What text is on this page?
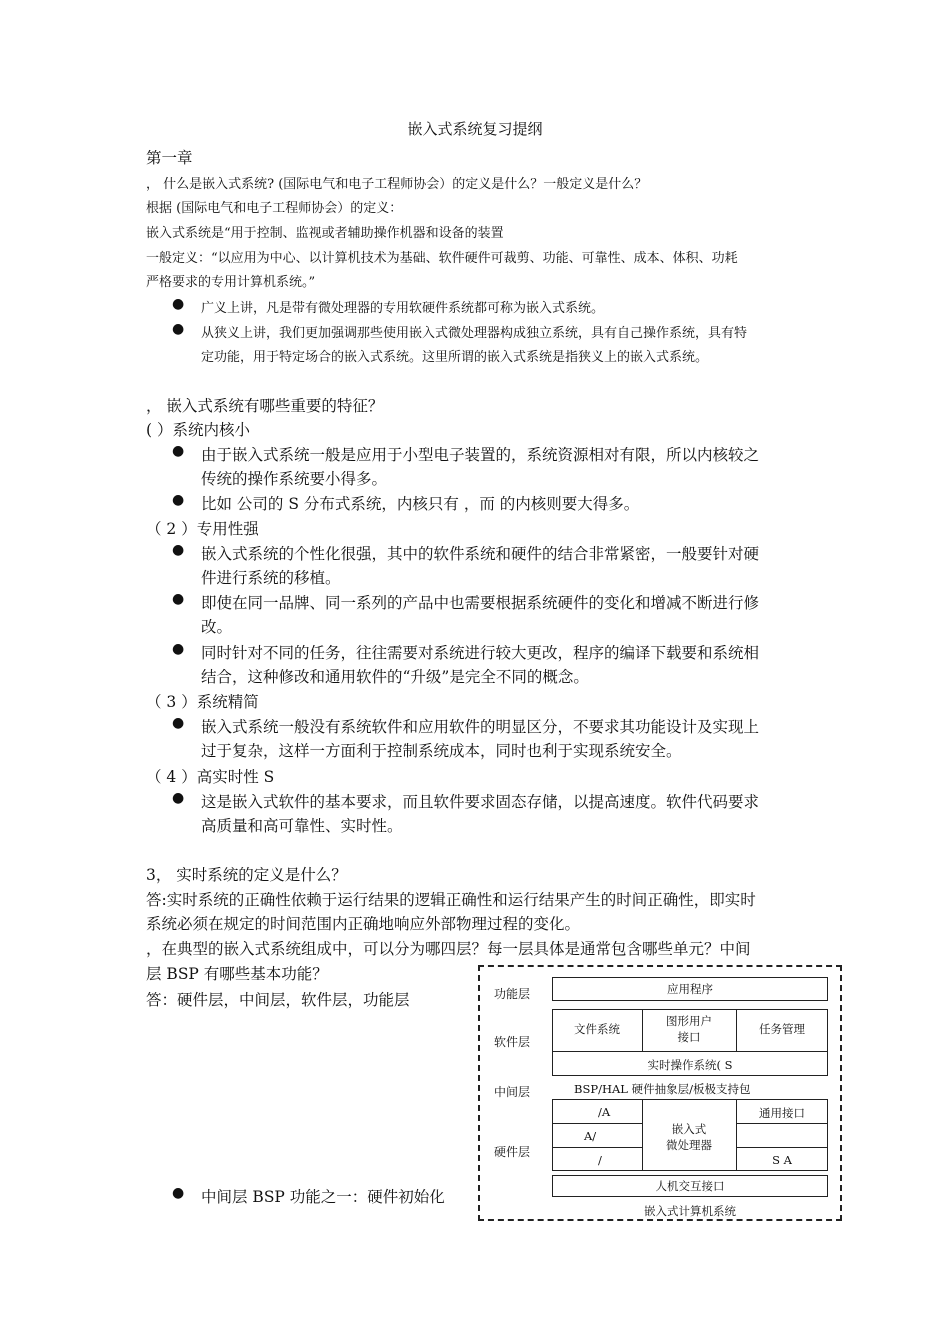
嵌入式系统复习提纲
第一章
， 什么是嵌入式系统? (国际电气和电子工程师协会）的定义是什么？一般定义是什么？
根据 (国际电气和电子工程师协会）的定义：
嵌入式系统是“用于控制、监视或者辅助操作机器和设备的装置
一般定义：“以应用为中心、以计算机技术为基础、软件硬件可裁剪、功能、可靠性、成本、体积、功耗
严格要求的专用计算机系统。”
● 广义上讲，凡是带有微处理器的专用软硬件系统都可称为嵌入式系统。
● 从狭义上讲，我们更加强调那些使用嵌入式微处理器构成独立系统，具有自己操作系统，具有特
定功能，用于特定场合的嵌入式系统。这里所谓的嵌入式系统是指狭义上的嵌入式系统。
， 嵌入式系统有哪些重要的特征？
( ）系统内核小
● 由于嵌入式系统一般是应用于小型电子装置的，系统资源相对有限，所以内核较之
传统的操作系统要小得多。
● 比如 公司的 S 分布式系统，内核只有 ，而 的内核则要大得多。
（ 2 ）专用性强
● 嵌入式系统的个性化很强，其中的软件系统和硬件的结合非常紧密，一般要针对硬
件进行系统的移植。
● 即使在同一品牌、同一系列的产品中也需要根据系统硬件的变化和增减不断进行修
改。
● 同时针对不同的任务，往往需要对系统进行较大更改，程序的编译下载要和系统相
结合，这种修改和通用软件的“升级”是完全不同的概念。
（ 3 ）系统精简
● 嵌入式系统一般没有系统软件和应用软件的明显区分，不要求其功能设计及实现上
过于复杂，这样一方面利于控制系统成本，同时也利于实现系统安全。
（ 4 ）高实时性 S
● 这是嵌入式软件的基本要求，而且软件要求固态存储，以提高速度。软件代码要求
高质量和高可靠性、实时性。
3， 实时系统的定义是什么？
答:实时系统的正确性依赖于运行结果的逻辑正确性和运行结果产生的时间正确性，即实时
系统必须在规定的时间范围内正确地响应外部物理过程的变化。
，在典型的嵌入式系统组成中，可以分为哪四层？每一层具体是通常包含哪些单元？中间
层 BSP 有哪些基本功能？
答：硬件层，中间层，软件层，功能层
● 中间层 BSP 功能之一：硬件初始化
功能层
软件层
中间层
硬件层
应用程序
文件系统
图形用户
接口
任务管理
实时操作系统( S
BSP/HAL 硬件抽象层/板极支持包
/A
A/
/
嵌入式
微处理器
通用接口
S A
人机交互接口
嵌入式计算机系统
